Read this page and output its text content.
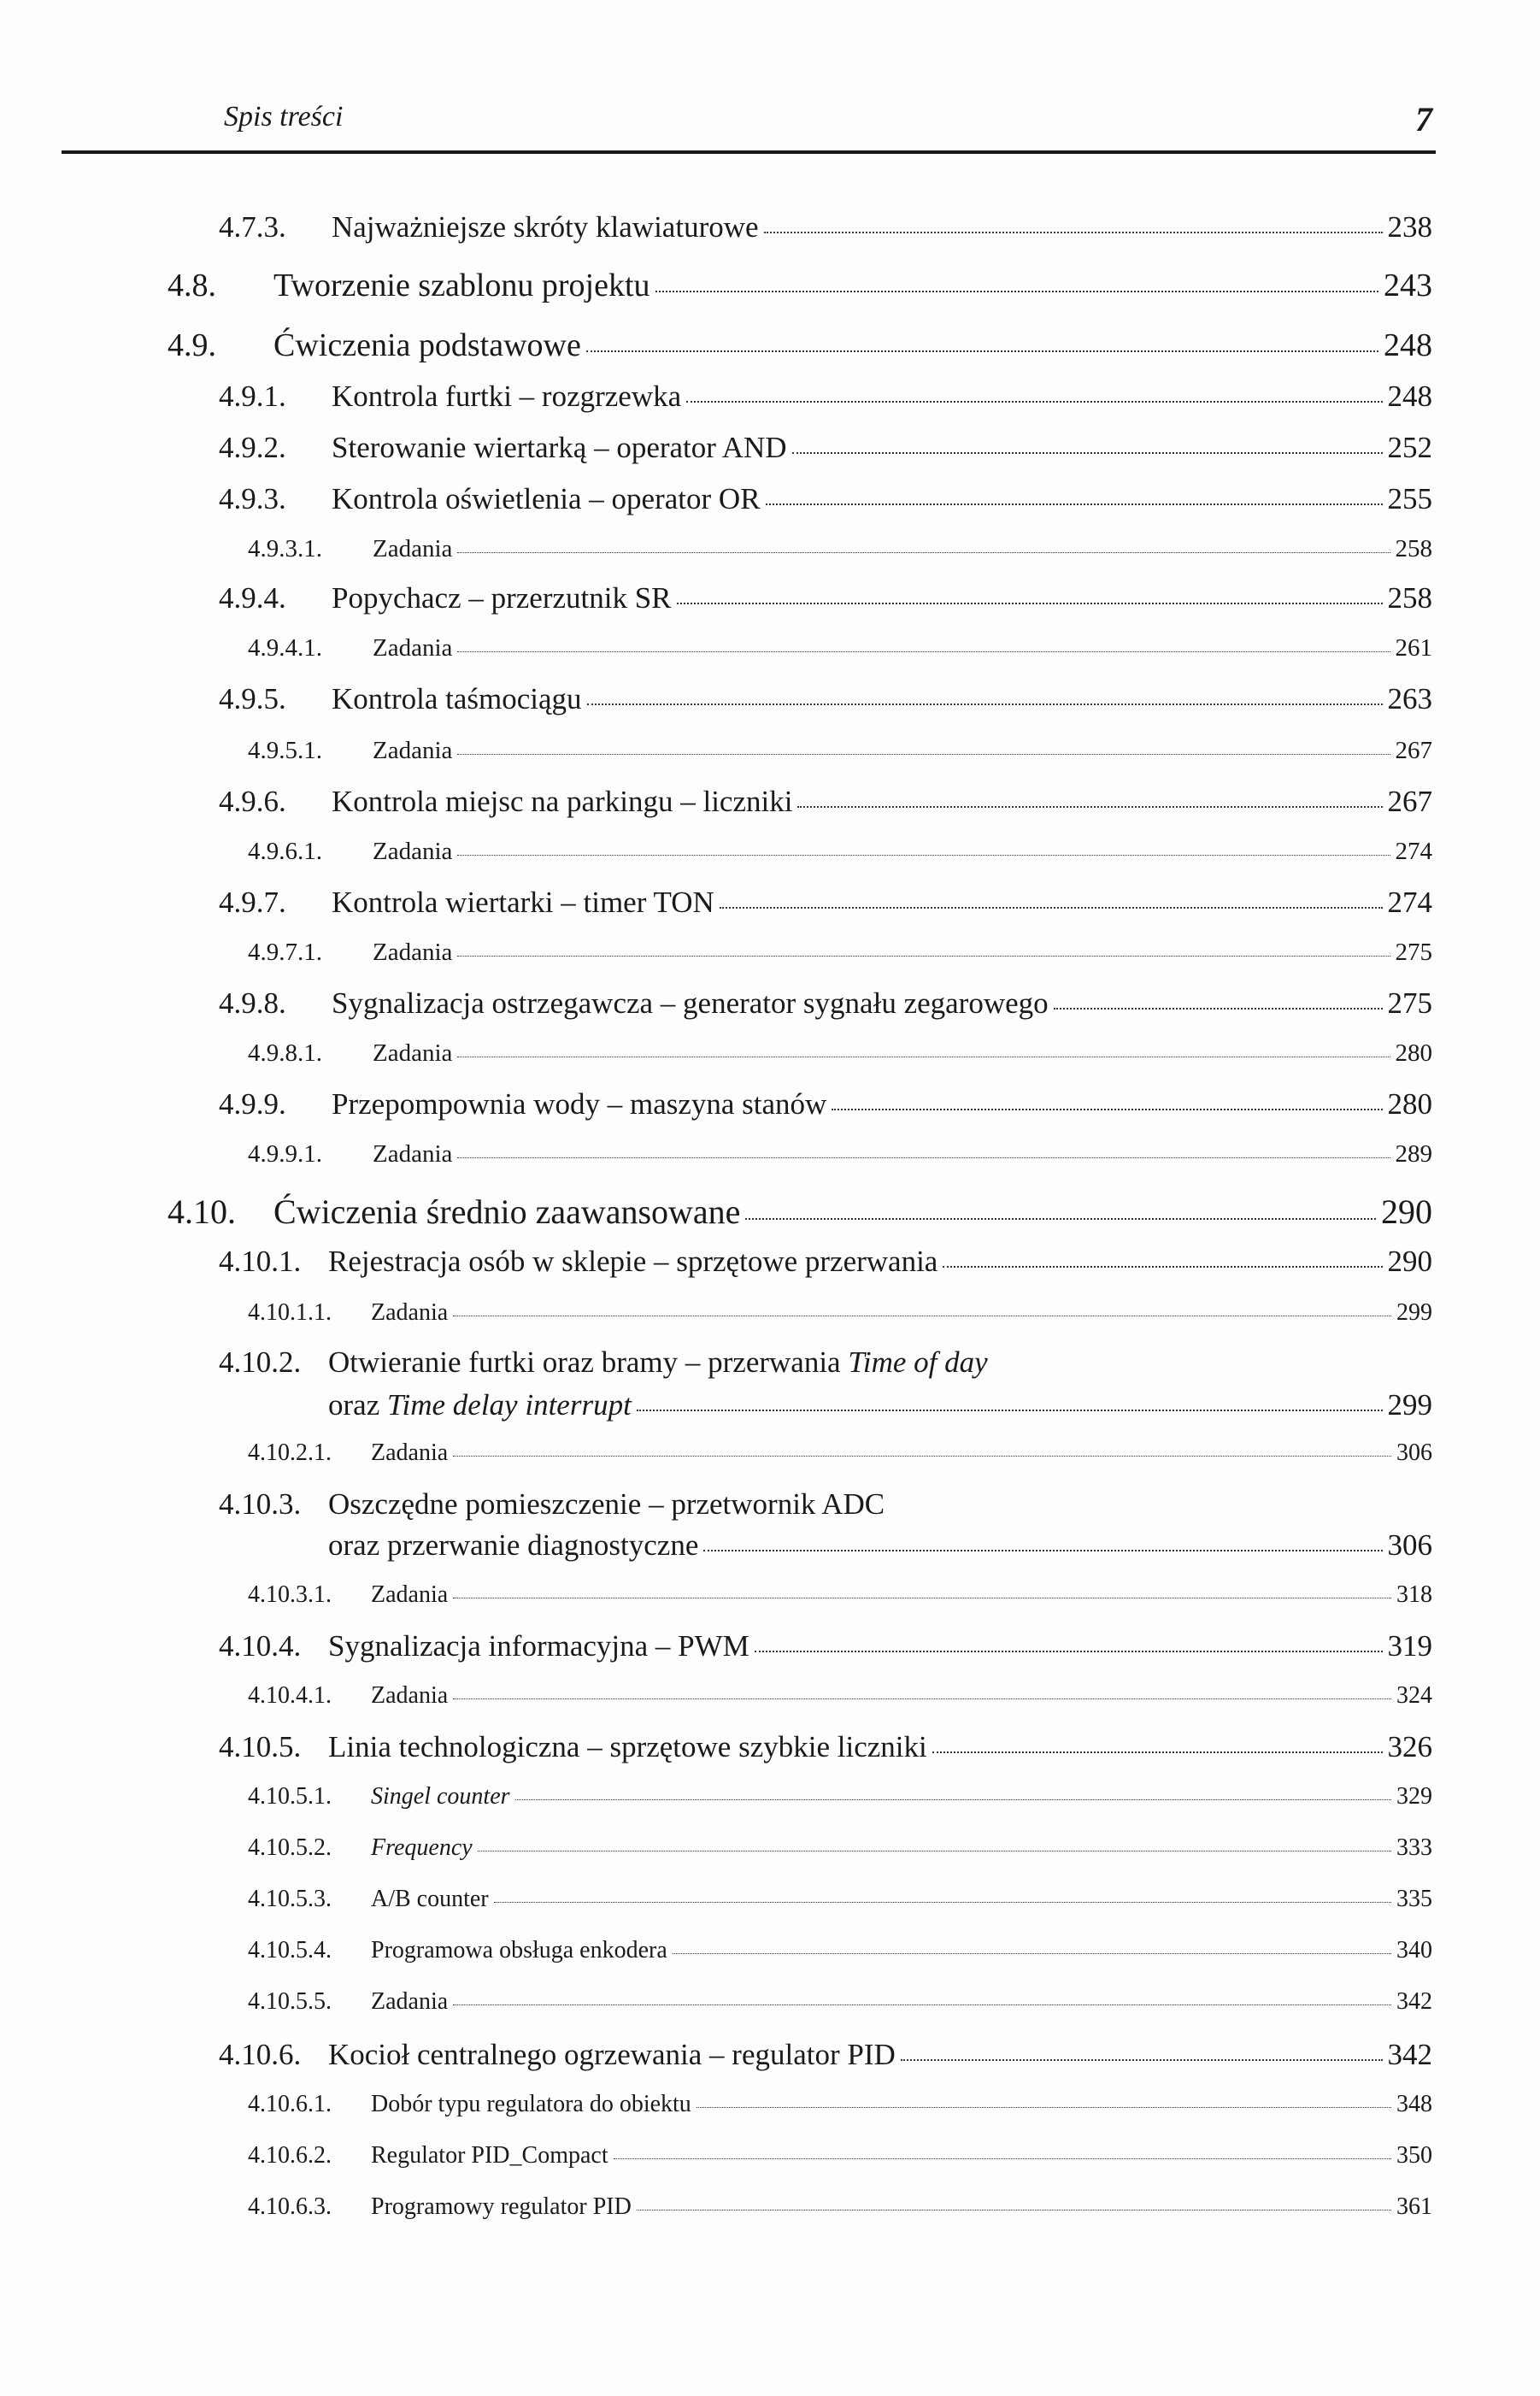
Spis treści	7
4.7.3.	Najważniejsze skróty klawiaturowe	238
4.8.	Tworzenie szablonu projektu	243
4.9.	Ćwiczenia podstawowe	248
4.9.1.	Kontrola furtki – rozgrzewka	248
4.9.2.	Sterowanie wiertarką – operator AND	252
4.9.3.	Kontrola oświetlenia – operator OR	255
4.9.3.1.	Zadania	258
4.9.4.	Popychacz – przerzutnik SR	258
4.9.4.1.	Zadania	261
4.9.5.	Kontrola taśmociągu	263
4.9.5.1.	Zadania	267
4.9.6.	Kontrola miejsc na parkingu – liczniki	267
4.9.6.1.	Zadania	274
4.9.7.	Kontrola wiertarki – timer TON	274
4.9.7.1.	Zadania	275
4.9.8.	Sygnalizacja ostrzegawcza – generator sygnału zegarowego	275
4.9.8.1.	Zadania	280
4.9.9.	Przepompownia wody – maszyna stanów	280
4.9.9.1.	Zadania	289
4.10.	Ćwiczenia średnio zaawansowane	290
4.10.1. Rejestracja osób w sklepie – sprzętowe przerwania	290
4.10.1.1.	Zadania	299
4.10.2. Otwieranie furtki oraz bramy – przerwania Time of day
oraz Time delay interrupt	299
4.10.2.1.	Zadania	306
4.10.3. Oszczędne pomieszczenie – przetwornik ADC
oraz przerwanie diagnostyczne	306
4.10.3.1.	Zadania	318
4.10.4. Sygnalizacja informacyjna – PWM	319
4.10.4.1.	Zadania	324
4.10.5. Linia technologiczna – sprzętowe szybkie liczniki	326
4.10.5.1.	Singel counter	329
4.10.5.2.	Frequency	333
4.10.5.3.	A/B counter	335
4.10.5.4.	Programowa obsługa enkodera	340
4.10.5.5.	Zadania	342
4.10.6. Kocioł centralnego ogrzewania – regulator PID	342
4.10.6.1.	Dobór typu regulatora do obiektu	348
4.10.6.2.	Regulator PID_Compact	350
4.10.6.3.	Programowy regulator PID	361
